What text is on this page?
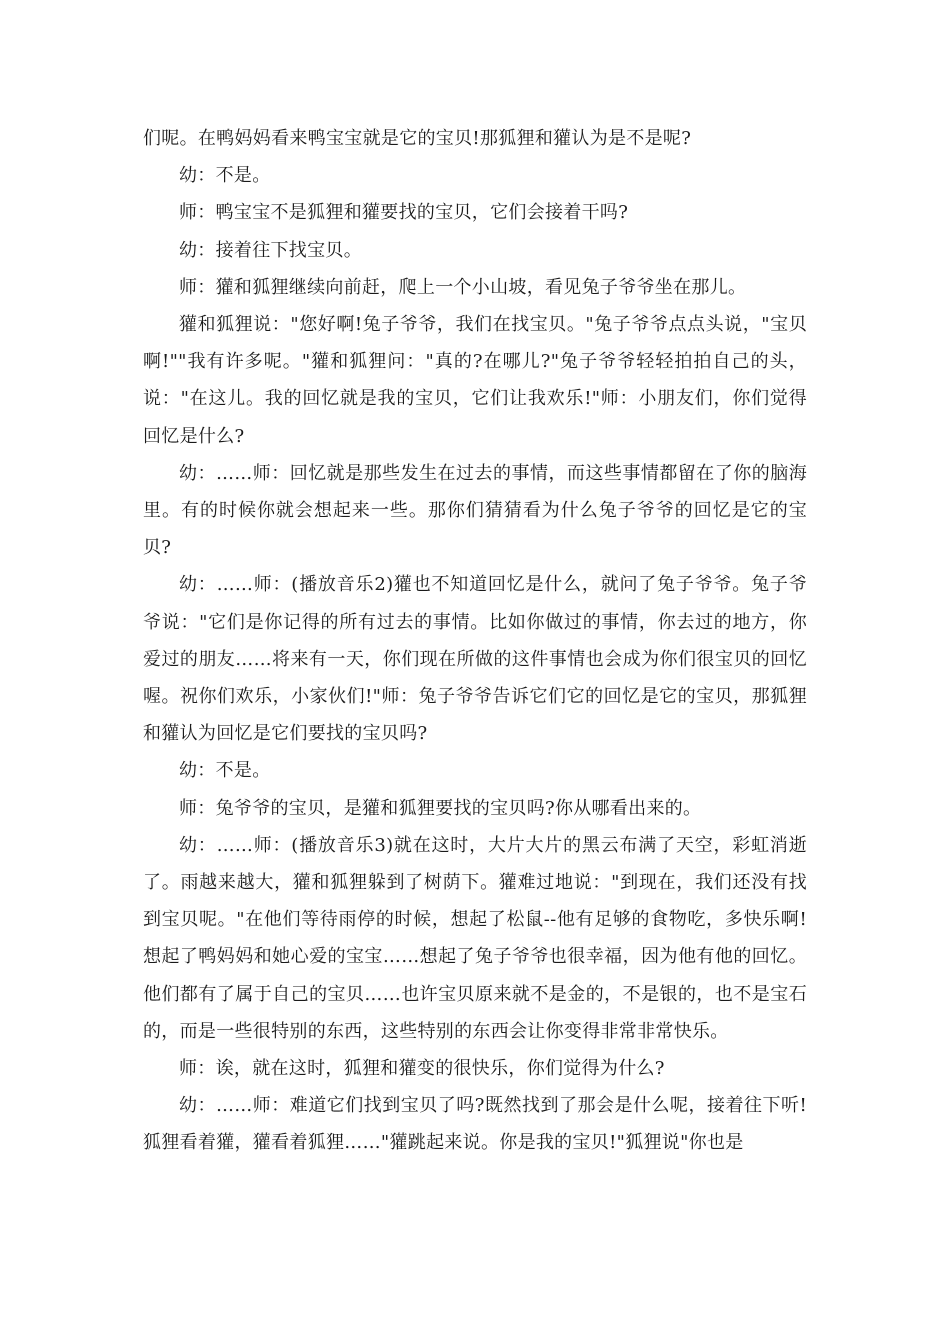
们呢。在鸭妈妈看来鸭宝宝就是它的宝贝!那狐狸和獾认为是不是呢?

幼：不是。

师：鸭宝宝不是狐狸和獾要找的宝贝，它们会接着干吗?

幼：接着往下找宝贝。

师：獾和狐狸继续向前赶，爬上一个小山坡，看见兔子爷爷坐在那儿。

獾和狐狸说："您好啊!兔子爷爷，我们在找宝贝。"兔子爷爷点点头说，"宝贝啊!""我有许多呢。"獾和狐狸问："真的?在哪儿?"兔子爷爷轻轻拍拍自己的头，说："在这儿。我的回忆就是我的宝贝，它们让我欢乐!"师：小朋友们，你们觉得回忆是什么?

幼：……师：回忆就是那些发生在过去的事情，而这些事情都留在了你的脑海里。有的时候你就会想起来一些。那你们猜猜看为什么兔子爷爷的回忆是它的宝贝?

幼：……师：(播放音乐2)獾也不知道回忆是什么，就问了兔子爷爷。兔子爷爷说："它们是你记得的所有过去的事情。比如你做过的事情，你去过的地方，你爱过的朋友……将来有一天，你们现在所做的这件事情也会成为你们很宝贝的回忆喔。祝你们欢乐，小家伙们!"师：兔子爷爷告诉它们它的回忆是它的宝贝，那狐狸和獾认为回忆是它们要找的宝贝吗?

幼：不是。

师：兔爷爷的宝贝，是獾和狐狸要找的宝贝吗?你从哪看出来的。

幼：……师：(播放音乐3)就在这时，大片大片的黑云布满了天空，彩虹消逝了。雨越来越大，獾和狐狸躲到了树荫下。獾难过地说："到现在，我们还没有找到宝贝呢。"在他们等待雨停的时候，想起了松鼠--他有足够的食物吃，多快乐啊!想起了鸭妈妈和她心爱的宝宝……想起了兔子爷爷也很幸福，因为他有他的回忆。他们都有了属于自己的宝贝……也许宝贝原来就不是金的，不是银的，也不是宝石的，而是一些很特别的东西，这些特别的东西会让你变得非常非常快乐。

师：诶，就在这时，狐狸和獾变的很快乐，你们觉得为什么?

幼：……师：难道它们找到宝贝了吗?既然找到了那会是什么呢，接着往下听!狐狸看着獾，獾看着狐狸……"獾跳起来说。你是我的宝贝!"狐狸说"你也是
